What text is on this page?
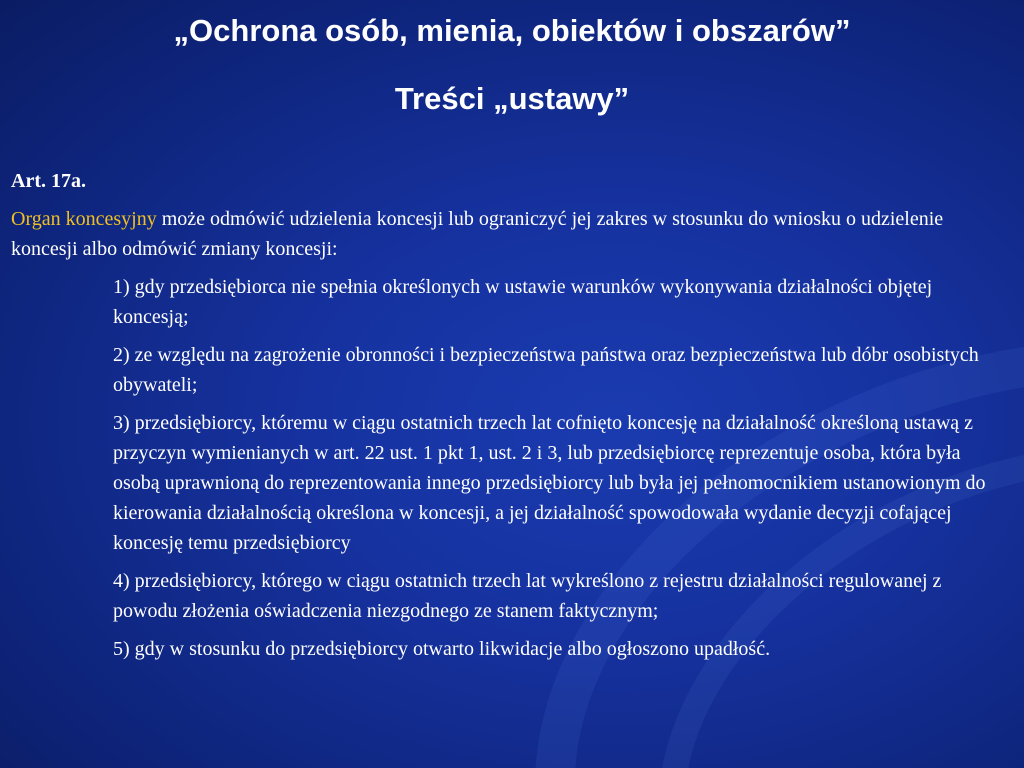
„Ochrona osób, mienia, obiektów i obszarów”
Treści „ustawy”

Art. 17a.

Organ koncesyjny może odmówić udzielenia koncesji lub ograniczyć jej zakres w stosunku do wniosku o udzielenie koncesji albo odmówić zmiany koncesji:

1) gdy przedsiębiorca nie spełnia określonych w ustawie warunków wykonywania działalności objętej koncesją;

2) ze względu na zagrożenie obronności i bezpieczeństwa państwa oraz bezpieczeństwa lub dóbr osobistych obywateli;

3) przedsiębiorcy, któremu w ciągu ostatnich trzech lat cofnięto koncesję na działalność określoną ustawą z przyczyn wymienianych w art. 22 ust. 1 pkt 1, ust. 2 i 3, lub przedsiębiorcę reprezentuje osoba, która była osobą uprawnioną do reprezentowania innego przedsiębiorcy lub była jej pełnomocnikiem ustanowionym do kierowania działalnością określona w koncesji, a jej działalność spowodowała wydanie decyzji cofającej koncesję temu przedsiębiorcy

4) przedsiębiorcy, którego w ciągu ostatnich trzech lat wykreślono z rejestru działalności regulowanej z powodu złożenia oświadczenia niezgodnego ze stanem faktycznym;

5) gdy w stosunku do przedsiębiorcy otwarto likwidacje albo ogłoszono upadłość.
